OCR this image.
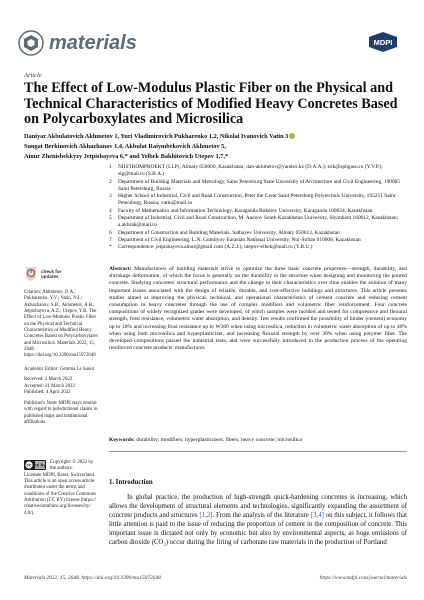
materials	MDPI
Article
The Effect of Low-Modulus Plastic Fiber on the Physical and Technical Characteristics of Modified Heavy Concretes Based on Polycarboxylates and Microsilica
Daniyar Akbulatovich Akhmetov 1, Yuri Vladimirovich Pukharenko 1,2, Nikolai Ivanovich Vatin 3
Sungat Berkinovich Akhazhanov 1,4, Akbulat Raiymbekovich Akhmetov 5,
Ainur Zhenisbekkyzy Jetpisbayeva 6,* and Yelbek Bakhitovich Utepov 1,7,*
1	NIISTROMPROEKT (LLP), Almaty 050000, Kazakhstan; dan-akhmetov@yandex.kz (D.A.A.); tsik@spbgasu.ru (Y.V.P.); slg@mail.ru (S.B.A.)
2	Department of Building Materials and Metrology, Saint Petersburg State University of Architecture and Civil Engineering, 190005 Saint Petersburg, Russia
3	Higher School of Industrial, Civil and Road Construction, Peter the Great Saint Petersburg Polytechnic University, 195251 Saint Petersburg, Russia; vatin@mail.ru
4	Faculty of Mathematics and Information Technology, Karaganda Buketov University, Karaganda 100024, Kazakhstan
5	Department of Industrial, Civil and Road Construction, M. Auezov South Kazakhstan University, Shymkent 160012, Kazakhstan; a.akhrak@mail.ru
6	Department of Construction and Building Materials, Satbayev University, Almaty 050013, Kazakhstan
7	Department of Civil Engineering, L.N. Gumilyov Eurasian National University, Nur-Sultan 010008, Kazakhstan
*	Correspondence: jetpisbayeva.ainur@gmail.com (A.Z.J.); utepov-elbek@mail.ru (Y.B.U.)
check for
updates
Citation: Akhmetov, D.A.; Pukharenko, Y.V.; Vatin, N.I.; Akhazhanov, S.B.; Akhmetov, A.R.; Jetpisbayeva, A.Z.; Utepov, Y.B. The Effect of Low-Modulus Plastic Fiber on the Physical and Technical Characteristics of Modified Heavy Concretes Based on Polycarboxylates and Microsilica. Materials 2022, 15, 2648. https://doi.org/10.3390/ma15072648
Academic Editor: Gemma Le Saout
Received: 2 March 2022
Accepted: 31 March 2022
Published: 4 April 2022
Publisher's Note: MDPI stays neutral with regard to jurisdictional claims in published maps and institutional affiliations.
cc cc by
Copyright: © 2022 by the authors.
Licensee MDPI, Basel, Switzerland. This article is an open access article distributed under the terms and conditions of the Creative Commons Attribution (CC BY) license (https:// creativecommons.org/licenses/by/ 4.0/).

Abstract: Manufacturers of building materials strive to optimize the three basic concrete properties—strength, durability, and shrinkage deformation, of which the focus is generally on the durability in the structure when designing and monitoring the poured concrete. Studying concretes' structural performance and the change in their characteristics over time enables the solution of many important issues associated with the design of reliable, durable, and cost-effective buildings and structures. This article presents studies aimed at improving the physical, technical, and operational characteristics of cement concrete and reducing cement consumption in heavy concretes through the use of complex modifiers and volumetric fiber reinforcement. Four concrete compositions of widely recognized grades were developed, of which samples were molded and tested for compressive and flexural strength, frost resistance, volumetric water absorption, and density. Test results confirmed the possibility of binder (cement) economy up to 18% and increasing frost resistance up to W300 when using microsilica, reduction in volumetric water absorption of up to 40% when using both microsilica and hyperplasticizer, and increasing flexural strength by over 30% when using polymer fiber. The developed compositions passed the industrial tests, and were successfully introduced in the production process of the operating reinforced concrete products' manufacturer.

Keywords: durability; modifiers; hyperplasticizers; fibers; heavy concrete; microsilica

1. Introduction

In global practice, the production of high-strength quick-hardening concretes is increasing, which allows the development of structural elements and technologies, significantly expanding the assortment of concrete products and structures [1,2]. From the analysis of the literature [3,4] on this subject, it follows that little attention is paid to the issue of reducing the proportion of cement in the composition of concrete. This important issue is dictated not only by economic but also by environmental aspects, as huge emissions of carbon dioxide (CO₂) occur during the firing of carbonate raw materials in the production of Portland

Materials 2022, 15, 2648. https://doi.org/10.3390/ma15072648	https://www.mdpi.com/journal/materials
